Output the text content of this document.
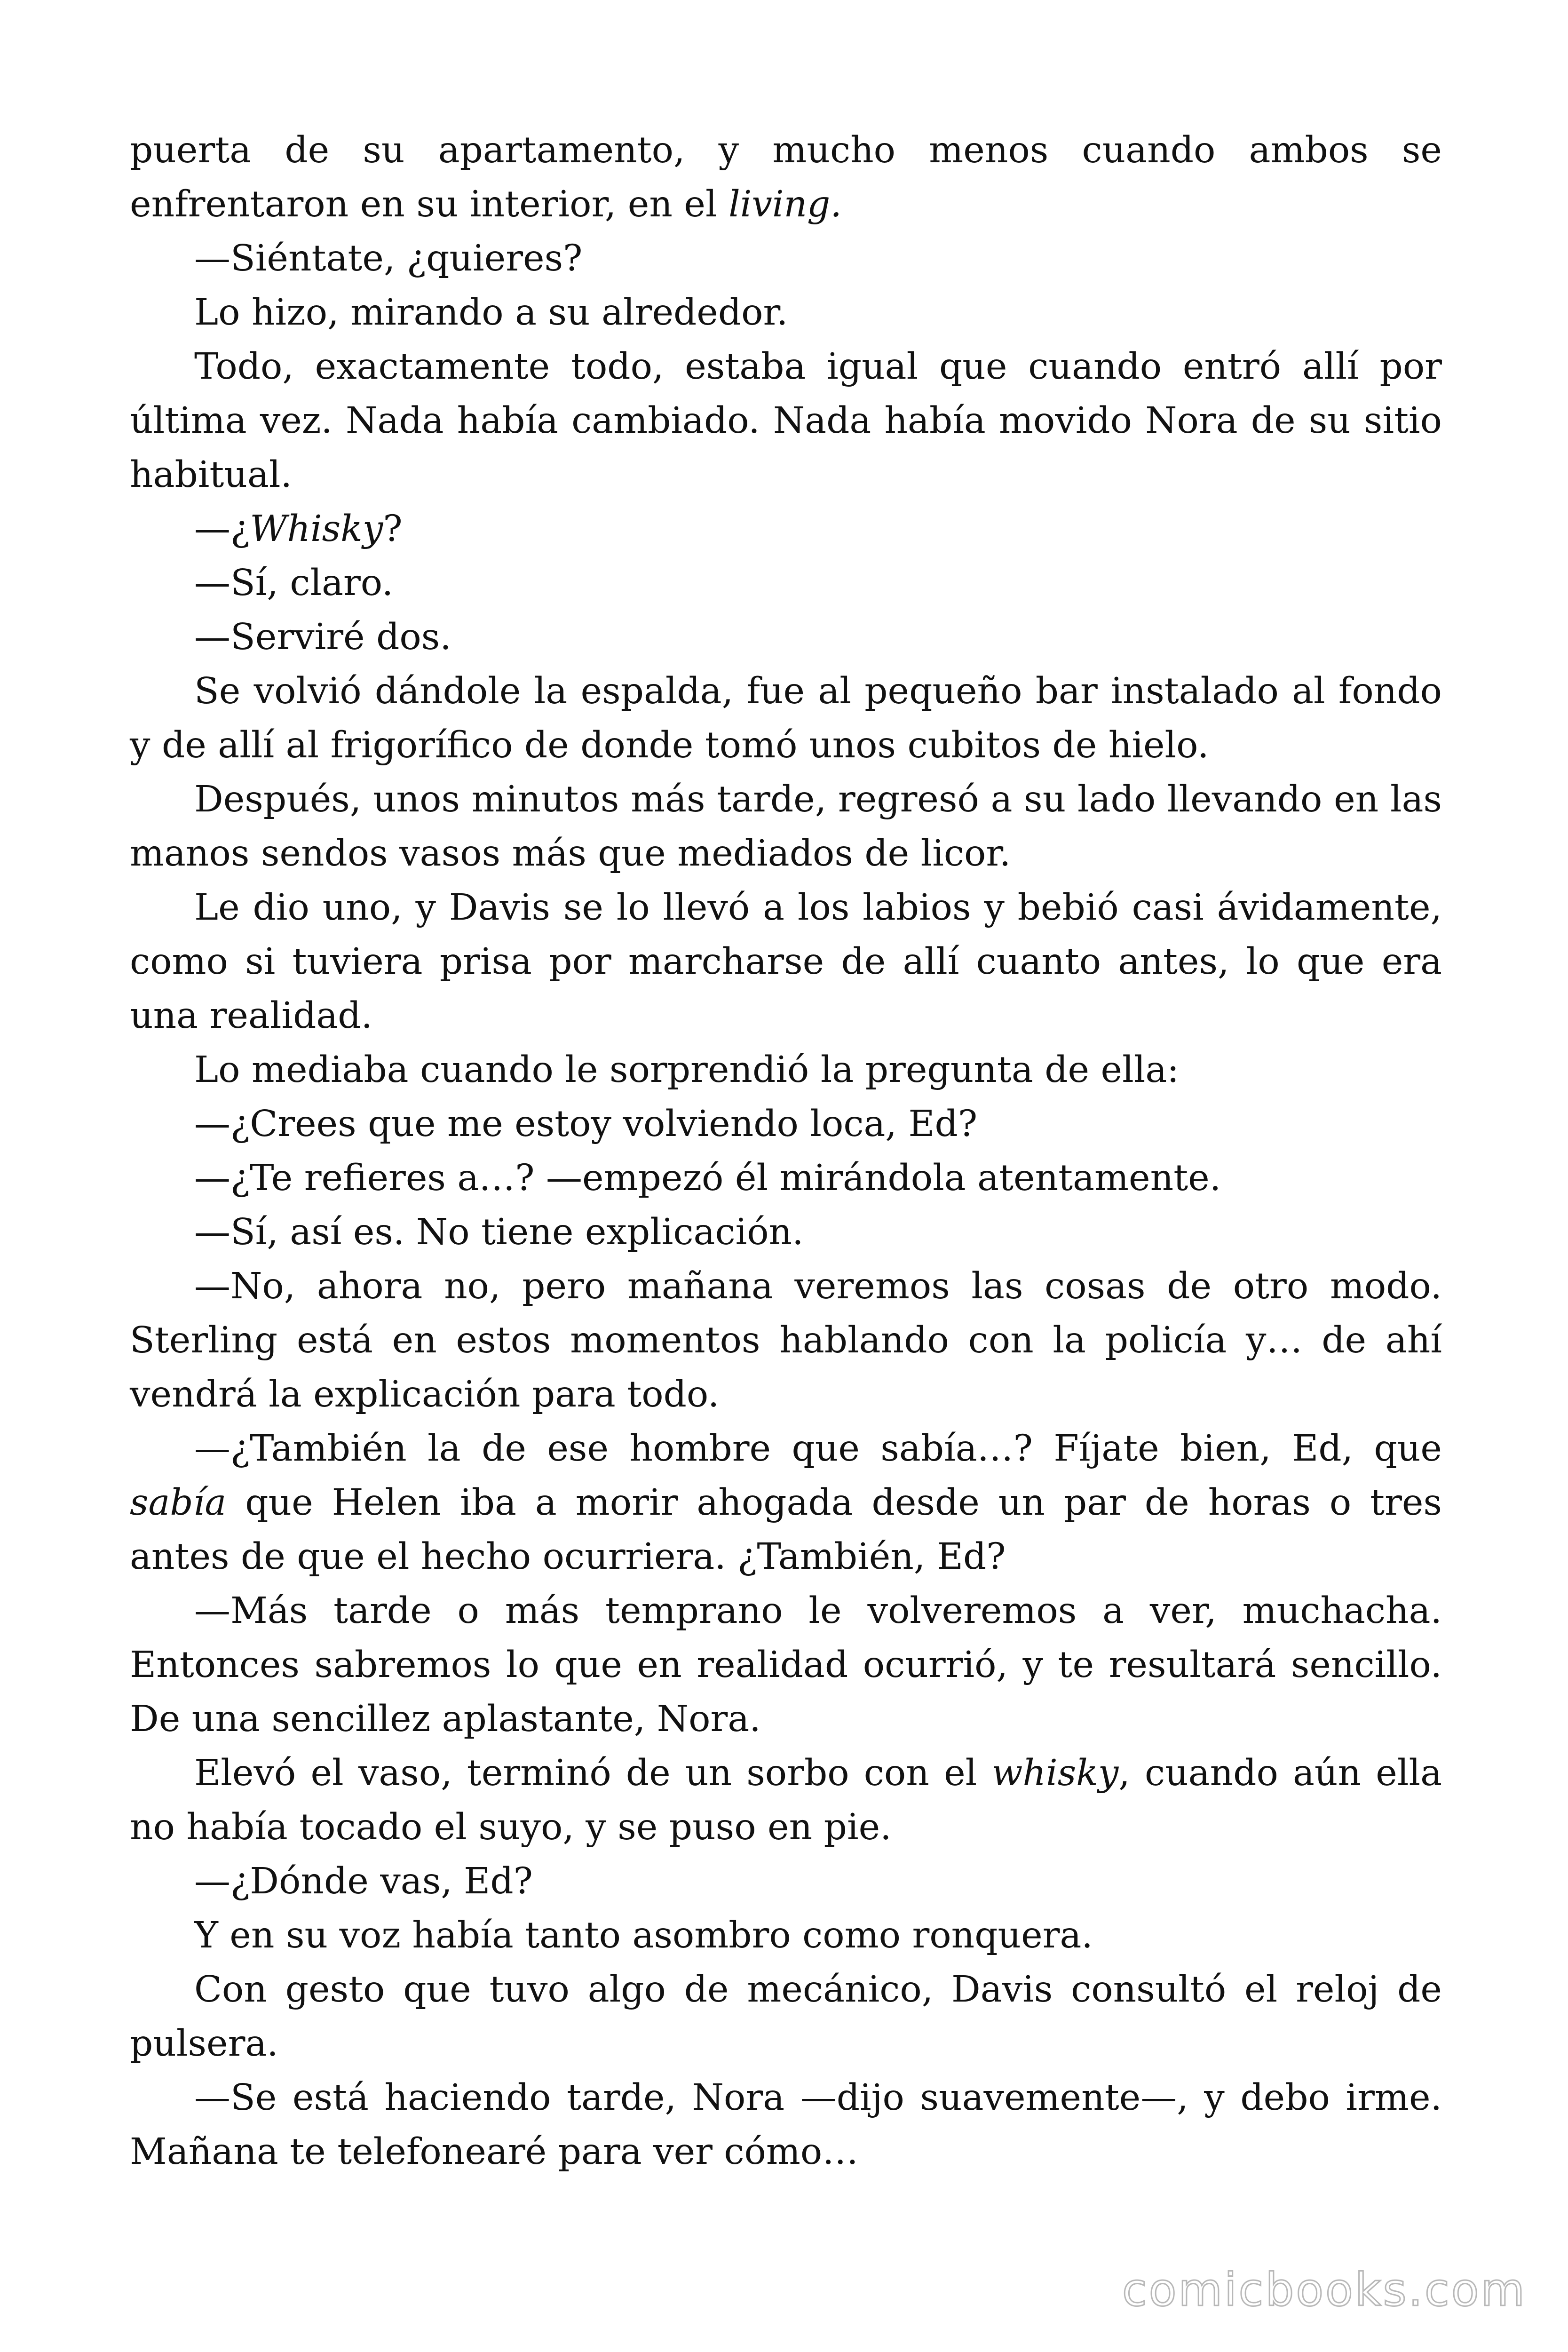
puerta de su apartamento, y mucho menos cuando ambos se enfrentaron en su interior, en el living.

—Siéntate, ¿quieres?

Lo hizo, mirando a su alrededor.

Todo, exactamente todo, estaba igual que cuando entró allí por última vez. Nada había cambiado. Nada había movido Nora de su sitio habitual.

—¿Whisky?

—Sí, claro.

—Serviré dos.

Se volvió dándole la espalda, fue al pequeño bar instalado al fondo y de allí al frigorífico de donde tomó unos cubitos de hielo.

Después, unos minutos más tarde, regresó a su lado llevando en las manos sendos vasos más que mediados de licor.

Le dio uno, y Davis se lo llevó a los labios y bebió casi ávidamente, como si tuviera prisa por marcharse de allí cuanto antes, lo que era una realidad.

Lo mediaba cuando le sorprendió la pregunta de ella:

—¿Crees que me estoy volviendo loca, Ed?

—¿Te refieres a…? —empezó él mirándola atentamente.

—Sí, así es. No tiene explicación.

—No, ahora no, pero mañana veremos las cosas de otro modo. Sterling está en estos momentos hablando con la policía y… de ahí vendrá la explicación para todo.

—¿También la de ese hombre que sabía…? Fíjate bien, Ed, que sabía que Helen iba a morir ahogada desde un par de horas o tres antes de que el hecho ocurriera. ¿También, Ed?

—Más tarde o más temprano le volveremos a ver, muchacha. Entonces sabremos lo que en realidad ocurrió, y te resultará sencillo. De una sencillez aplastante, Nora.

Elevó el vaso, terminó de un sorbo con el whisky, cuando aún ella no había tocado el suyo, y se puso en pie.

—¿Dónde vas, Ed?

Y en su voz había tanto asombro como ronquera.

Con gesto que tuvo algo de mecánico, Davis consultó el reloj de pulsera.

—Se está haciendo tarde, Nora —dijo suavemente—, y debo irme. Mañana te telefonearé para ver cómo…

comicbooks.com
